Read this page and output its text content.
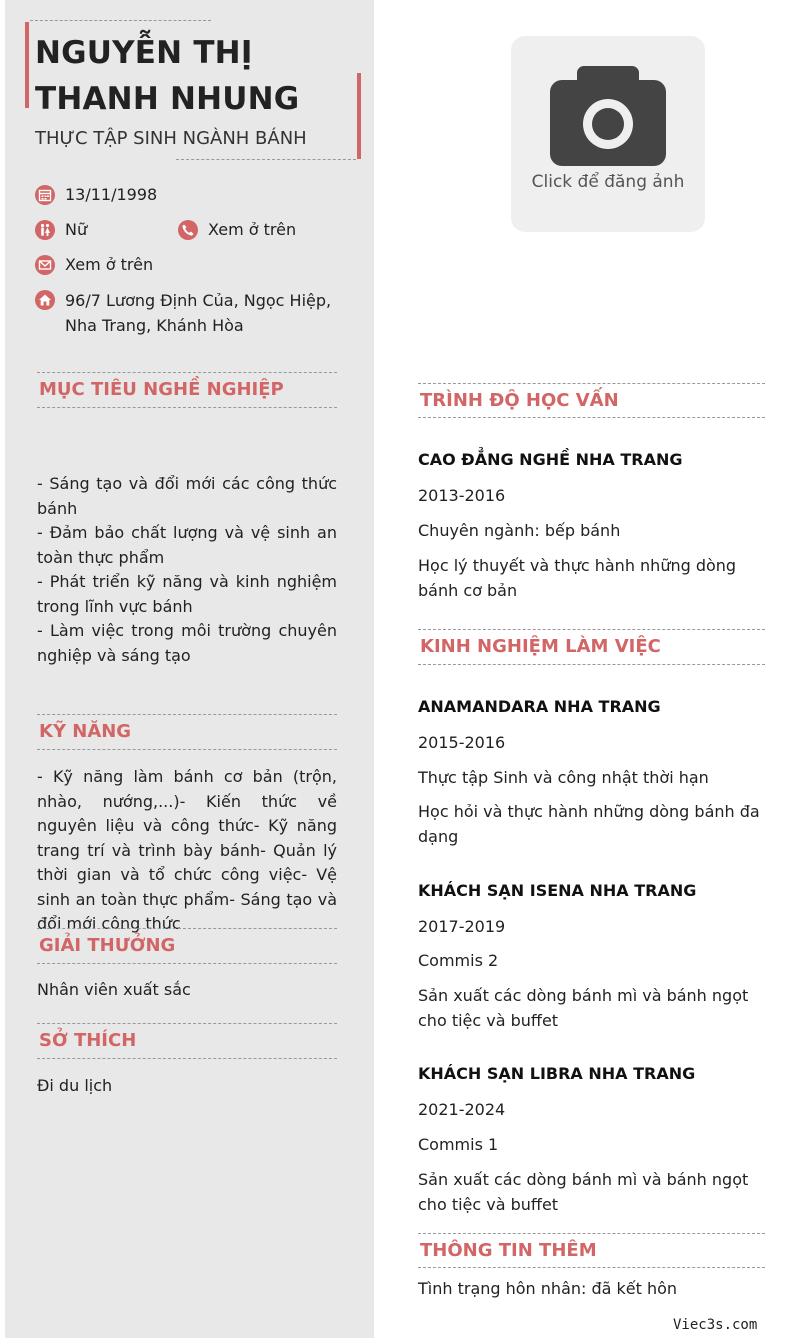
NGUYỄN THỊ THANH NHUNG
THỰC TẬP SINH NGÀNH BÁNH
13/11/1998
Nữ	Xem ở trên
Xem ở trên
96/7 Lương Định Của, Ngọc Hiệp, Nha Trang, Khánh Hòa
MỤC TIÊU NGHỀ NGHIỆP
- Sáng tạo và đổi mới các công thức bánh
- Đảm bảo chất lượng và vệ sinh an toàn thực phẩm
- Phát triển kỹ năng và kinh nghiệm trong lĩnh vực bánh
- Làm việc trong môi trường chuyên nghiệp và sáng tạo
KỸ NĂNG
- Kỹ năng làm bánh cơ bản (trộn, nhào, nướng,...)- Kiến thức về nguyên liệu và công thức- Kỹ năng trang trí và trình bày bánh- Quản lý thời gian và tổ chức công việc- Vệ sinh an toàn thực phẩm- Sáng tạo và đổi mới công thức
GIẢI THƯỞNG
Nhân viên xuất sắc
SỞ THÍCH
Đi du lịch
Click để đăng ảnh
TRÌNH ĐỘ HỌC VẤN
CAO ĐẲNG NGHỀ NHA TRANG
2013-2016
Chuyên ngành: bếp bánh
Học lý thuyết và thực hành những dòng bánh cơ bản
KINH NGHIỆM LÀM VIỆC
ANAMANDARA NHA TRANG
2015-2016
Thực tập Sinh và công nhật thời hạn
Học hỏi và thực hành những dòng bánh đa dạng
KHÁCH SẠN ISENA NHA TRANG
2017-2019
Commis 2
Sản xuất các dòng bánh mì và bánh ngọt cho tiệc và buffet
KHÁCH SẠN LIBRA NHA TRANG
2021-2024
Commis 1
Sản xuất các dòng bánh mì và bánh ngọt cho tiệc và buffet
THÔNG TIN THÊM
Tình trạng hôn nhân: đã kết hôn
Viec3s.com
